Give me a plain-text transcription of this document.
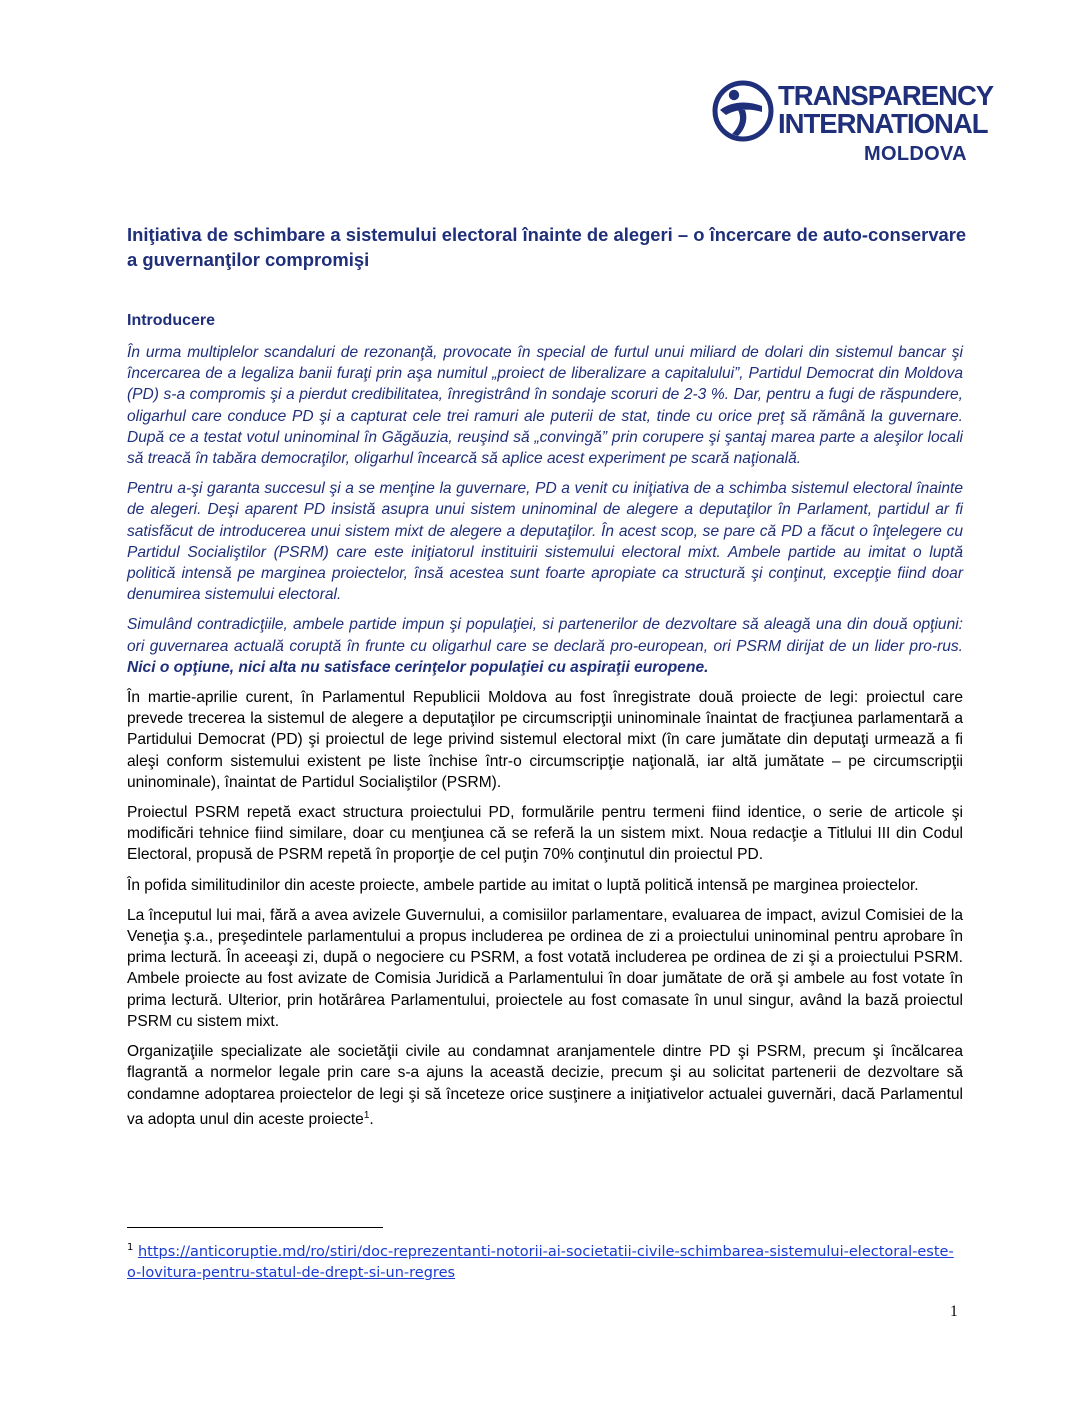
TRANSPARENCY
INTERNATIONAL
MOLDOVA
Iniţiativa de schimbare a sistemului electoral înainte de alegeri – o încercare de auto-conservare a guvernanţilor compromişi
Introducere

În urma multiplelor scandaluri de rezonanţă, provocate în special de furtul unui miliard de dolari din sistemul bancar şi încercarea de a legaliza banii furaţi prin aşa numitul „proiect de liberalizare a capitalului”, Partidul Democrat din Moldova (PD) s-a compromis şi a pierdut credibilitatea, înregistrând în sondaje scoruri de 2-3 %. Dar, pentru a fugi de răspundere, oligarhul care conduce PD şi a capturat cele trei ramuri ale puterii de stat, tinde cu orice preţ să rămână la guvernare. După ce a testat votul uninominal în Găgăuzia, reuşind să „convingă” prin corupere şi şantaj marea parte a aleşilor locali să treacă în tabăra democraţilor, oligarhul încearcă să aplice acest experiment pe scară naţională.

Pentru a-şi garanta succesul şi a se menţine la guvernare, PD a venit cu iniţiativa de a schimba sistemul electoral înainte de alegeri. Deşi aparent PD insistă asupra unui sistem uninominal de alegere a deputaţilor în Parlament, partidul ar fi satisfăcut de introducerea unui sistem mixt de alegere a deputaţilor. În acest scop, se pare că PD a făcut o înţelegere cu Partidul Socialiştilor (PSRM) care este iniţiatorul instituirii sistemului electoral mixt. Ambele partide au imitat o luptă politică intensă pe marginea proiectelor, însă acestea sunt foarte apropiate ca structură şi conţinut, excepţie fiind doar denumirea sistemului electoral.

Simulând contradicţiile, ambele partide impun şi populaţiei, si partenerilor de dezvoltare să aleagă una din două opţiuni: ori guvernarea actuală coruptă în frunte cu oligarhul care se declară pro-european, ori PSRM dirijat de un lider pro-rus. Nici o opţiune, nici alta nu satisface cerinţelor populaţiei cu aspiraţii europene.

În martie-aprilie curent, în Parlamentul Republicii Moldova au fost înregistrate două proiecte de legi: proiectul care prevede trecerea la sistemul de alegere a deputaţilor pe circumscripţii uninominale înaintat de fracţiunea parlamentară a Partidului Democrat (PD) şi proiectul de lege privind sistemul electoral mixt (în care jumătate din deputaţi urmează a fi aleşi conform sistemului existent pe liste închise într-o circumscripţie naţională, iar altă jumătate – pe circumscripţii uninominale), înaintat de Partidul Socialiştilor (PSRM).

Proiectul PSRM repetă exact structura proiectului PD, formulările pentru termeni fiind identice, o serie de articole şi modificări tehnice fiind similare, doar cu menţiunea că se referă la un sistem mixt. Noua redacţie a Titlului III din Codul Electoral, propusă de PSRM repetă în proporţie de cel puţin 70% conţinutul din proiectul PD.

În pofida similitudinilor din aceste proiecte, ambele partide au imitat o luptă politică intensă pe marginea proiectelor.

La începutul lui mai, fără a avea avizele Guvernului, a comisiilor parlamentare, evaluarea de impact, avizul Comisiei de la Veneţia ş.a., preşedintele parlamentului a propus includerea pe ordinea de zi a proiectului uninominal pentru aprobare în prima lectură. În aceeaşi zi, după o negociere cu PSRM, a fost votată includerea pe ordinea de zi şi a proiectului PSRM. Ambele proiecte au fost avizate de Comisia Juridică a Parlamentului în doar jumătate de oră şi ambele au fost votate în prima lectură. Ulterior, prin hotărârea Parlamentului, proiectele au fost comasate în unul singur, având la bază proiectul PSRM cu sistem mixt.

Organizaţiile specializate ale societăţii civile au condamnat aranjamentele dintre PD şi PSRM, precum şi încălcarea flagrantă a normelor legale prin care s-a ajuns la această decizie, precum şi au solicitat partenerii de dezvoltare să condamne adoptarea proiectelor de legi şi să înceteze orice susţinere a iniţiativelor actualei guvernări, dacă Parlamentul va adopta unul din aceste proiecte$^1$.

$^1$ https://anticoruptie.md/ro/stiri/doc-reprezentanti-notorii-ai-societatii-civile-schimbarea-sistemului-electoral-este-o-lovitura-pentru-statul-de-drept-si-un-regres
1
